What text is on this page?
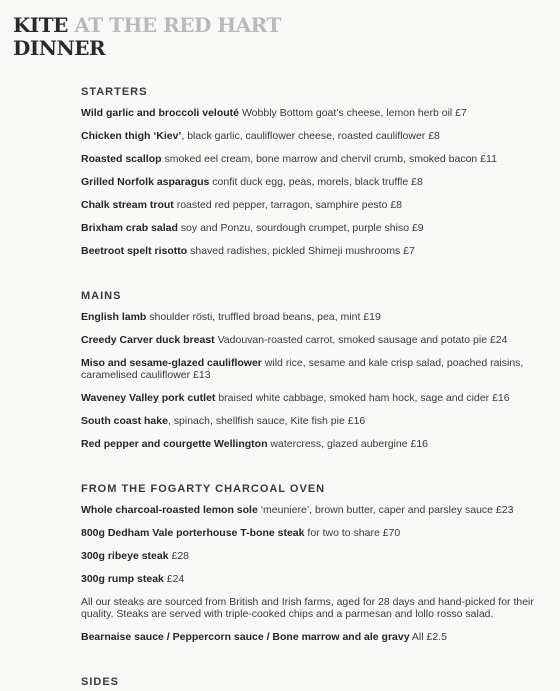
KITE AT THE RED HART
DINNER
STARTERS
Wild garlic and broccoli velouté Wobbly Bottom goat’s cheese, lemon herb oil £7
Chicken thigh ‘Kiev’, black garlic, cauliflower cheese, roasted cauliflower £8
Roasted scallop smoked eel cream, bone marrow and chervil crumb, smoked bacon £11
Grilled Norfolk asparagus confit duck egg, peas, morels, black truffle £8
Chalk stream trout roasted red pepper, tarragon, samphire pesto £8
Brixham crab salad soy and Ponzu, sourdough crumpet, purple shiso £9
Beetroot spelt risotto shaved radishes, pickled Shimeji mushrooms £7
MAINS
English lamb shoulder rösti, truffled broad beans, pea, mint £19
Creedy Carver duck breast Vadouvan-roasted carrot, smoked sausage and potato pie £24
Miso and sesame-glazed cauliflower wild rice, sesame and kale crisp salad, poached raisins, caramelised cauliflower £13
Waveney Valley pork cutlet braised white cabbage, smoked ham hock, sage and cider £16
South coast hake, spinach, shellfish sauce, Kite fish pie £16
Red pepper and courgette Wellington watercress, glazed aubergine £16
FROM THE FOGARTY CHARCOAL OVEN
Whole charcoal-roasted lemon sole ‘meuniere’, brown butter, caper and parsley sauce £23
800g Dedham Vale porterhouse T-bone steak for two to share £70
300g ribeye steak £28
300g rump steak £24
All our steaks are sourced from British and Irish farms, aged for 28 days and hand-picked for their quality. Steaks are served with triple-cooked chips and a parmesan and lollo rosso salad.
Bearnaise sauce / Peppercorn sauce / Bone marrow and ale gravy All £2.5
SIDES
